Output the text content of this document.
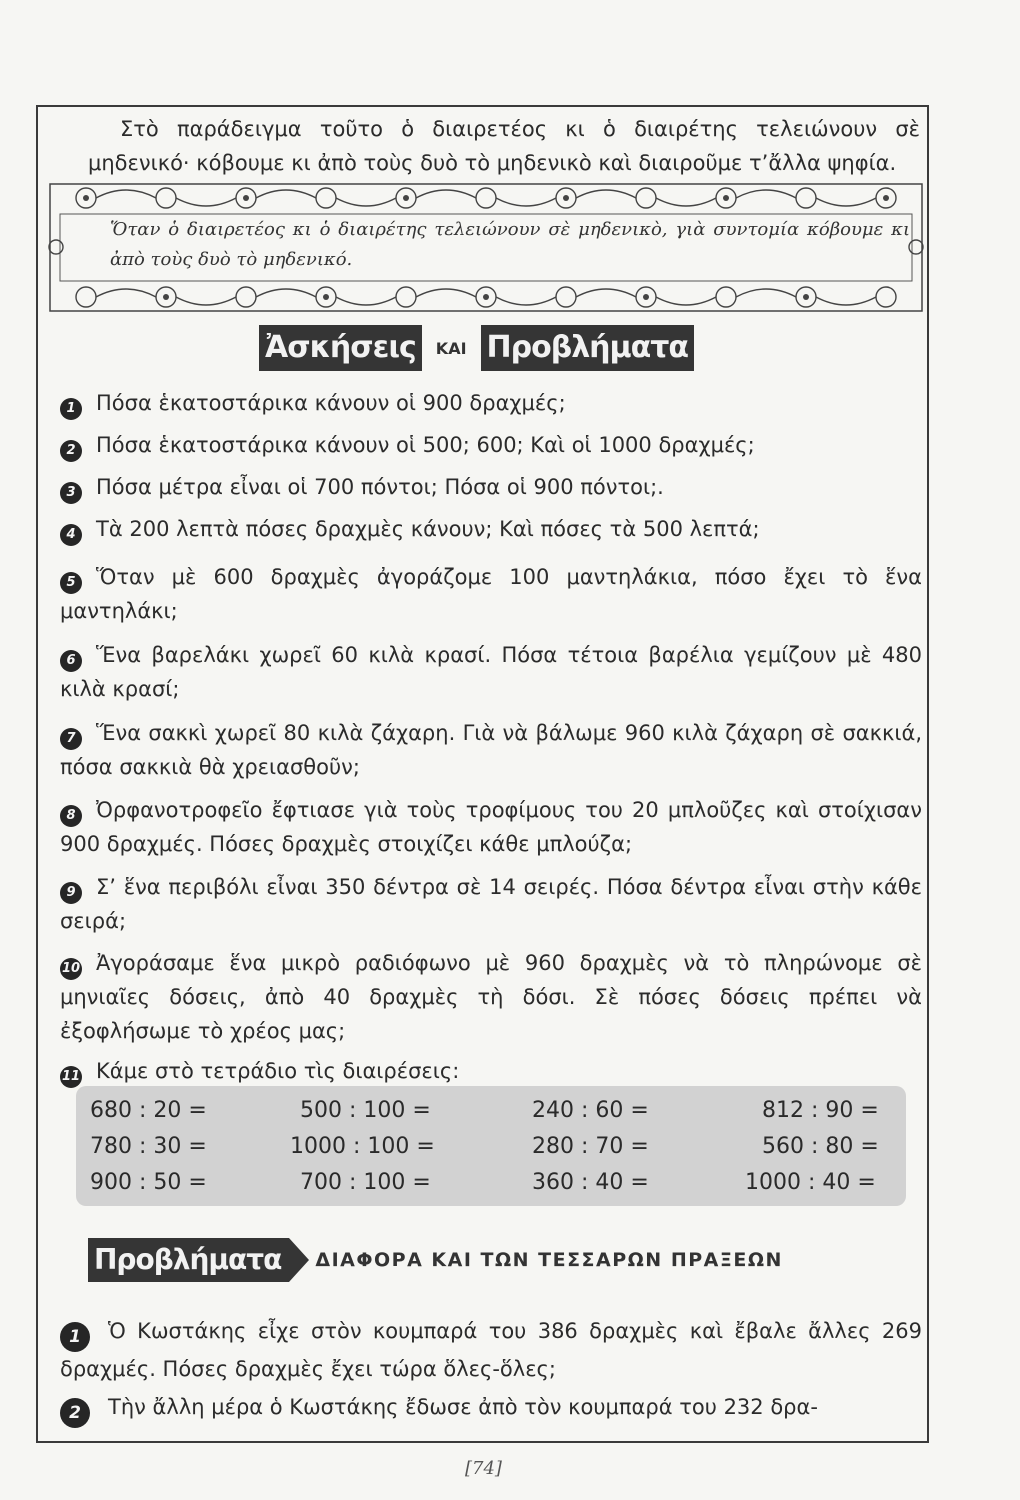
Στὸ παράδειγμα τοῦτο ὁ διαιρετέος κι ὁ διαιρέτης τελειώνουν σὲ μηδενικό· κόβουμε κι ἀπὸ τοὺς δυὸ τὸ μηδενικὸ καὶ διαιροῦμε τ’ἄλλα ψηφία.
Ὅταν ὁ διαιρετέος κι ὁ διαιρέτης τελειώνουν σὲ μηδενικὸ, γιὰ συντομία κόβουμε κι ἀπὸ τοὺς δυὸ τὸ μηδενικό.
Ἀσκήσεις	ΚΑΙ Προβλήματα
1 Πόσα ἑκατοστάρικα κάνουν οἱ 900 δραχμές;
2 Πόσα ἑκατοστάρικα κάνουν οἱ 500; 600; Καὶ οἱ 1000 δραχμές;
3 Πόσα μέτρα εἶναι οἱ 700 πόντοι; Πόσα οἱ 900 πόντοι;.
4 Τὰ 200 λεπτὰ πόσες δραχμὲς κάνουν; Καὶ πόσες τὰ 500 λεπτά;
5 Ὅταν μὲ 600 δραχμὲς ἀγοράζομε 100 μαντηλάκια, πόσο ἔχει τὸ ἕνα μαντηλάκι;
6 Ἕνα βαρελάκι χωρεῖ 60 κιλὰ κρασί. Πόσα τέτοια βαρέλια γεμίζουν μὲ 480 κιλὰ κρασί;
7 Ἕνα σακκὶ χωρεῖ 80 κιλὰ ζάχαρη. Γιὰ νὰ βάλωμε 960 κιλὰ ζάχαρη σὲ σακκιά, πόσα σακκιὰ θὰ χρειασθοῦν;
8 Ὀρφανοτροφεῖο ἔφτιασε γιὰ τοὺς τροφίμους του 20 μπλοῦζες καὶ στοίχισαν 900 δραχμές. Πόσες δραχμὲς στοιχίζει κάθε μπλούζα;
9 Σ’ ἕνα περιβόλι εἶναι 350 δέντρα σὲ 14 σειρές. Πόσα δέντρα εἶναι στὴν κάθε σειρά;
10 Ἀγοράσαμε ἕνα μικρὸ ραδιόφωνο μὲ 960 δραχμὲς νὰ τὸ πληρώνομε σὲ μηνιαῖες δόσεις, ἀπὸ 40 δραχμὲς τὴ δόσι. Σὲ πόσες δόσεις πρέπει νὰ ἐξοφλήσωμε τὸ χρέος μας;
11 Κάμε στὸ τετράδιο τὶς διαιρέσεις:
680 : 20 =	500 : 100 =	240 : 60 =	812 : 90 =
780 : 30 =	1000 : 100 =	280 : 70 =	560 : 80 =
900 : 50 =	700 : 100 =	360 : 40 =	1000 : 40 =
Προβλήματα	ΔΙΑΦΟΡΑ ΚΑΙ ΤΩΝ ΤΕΣΣΑΡΩΝ ΠΡΑΞΕΩΝ
1 Ὁ Κωστάκης εἶχε στὸν κουμπαρά του 386 δραχμὲς καὶ ἔβαλε ἄλλες 269 δραχμές. Πόσες δραχμὲς ἔχει τώρα ὅλες-ὅλες;
2 Τὴν ἄλλη μέρα ὁ Κωστάκης ἔδωσε ἀπὸ τὸν κουμπαρά του 232 δρα-
[74]
